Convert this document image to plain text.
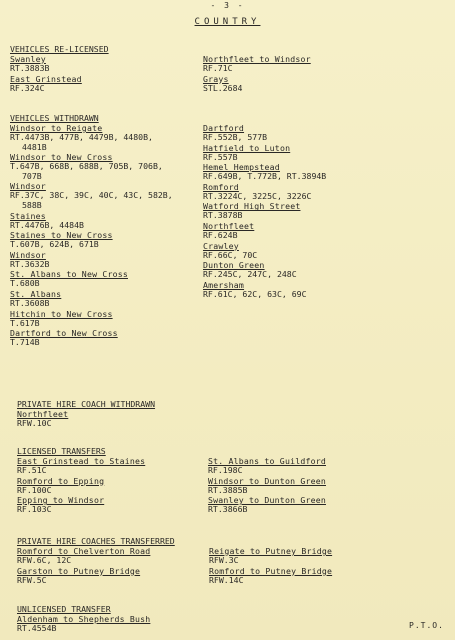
- 3 -
COUNTRY
VEHICLES RE-LICENSED
Swanley
RT.3883B
East Grinstead
RF.324C
Northfleet to Windsor
RF.71C
Grays
STL.2684
VEHICLES WITHDRAWN
Windsor to Reigate
RT.4473B, 477B, 4479B, 4480B,
4481B
Windsor to New Cross
T.647B, 668B, 688B, 705B, 706B,
707B
Windsor
RF.37C, 38C, 39C, 40C, 43C, 582B,
588B
Staines
RT.4476B, 4484B
Staines to New Cross
T.607B, 624B, 671B
Windsor
RT.3632B
St. Albans to New Cross
T.680B
St. Albans
RT.3608B
Hitchin to New Cross
T.617B
Dartford to New Cross
T.714B
Dartford
RF.552B, 577B
Hatfield to Luton
RF.557B
Hemel Hempstead
RF.649B, T.772B, RT.3894B
Romford
RT.3224C, 3225C, 3226C
Watford High Street
RT.3878B
Northfleet
RF.624B
Crawley
RF.66C, 70C
Dunton Green
RF.245C, 247C, 248C
Amersham
RF.61C, 62C, 63C, 69C
PRIVATE HIRE COACH WITHDRAWN
Northfleet
RFW.10C
LICENSED TRANSFERS
East Grinstead to Staines
RF.51C
Romford to Epping
RF.100C
Epping to Windsor
RF.103C
St. Albans to Guildford
RF.198C
Windsor to Dunton Green
RT.3885B
Swanley to Dunton Green
RT.3866B
PRIVATE HIRE COACHES TRANSFERRED
Romford to Chelverton Road
RFW.6C, 12C
Garston to Putney Bridge
RFW.5C
Reigate to Putney Bridge
RFW.3C
Romford to Putney Bridge
RFW.14C
UNLICENSED TRANSFER
Aldenham to Shepherds Bush
RT.4554B	P.T.O.
